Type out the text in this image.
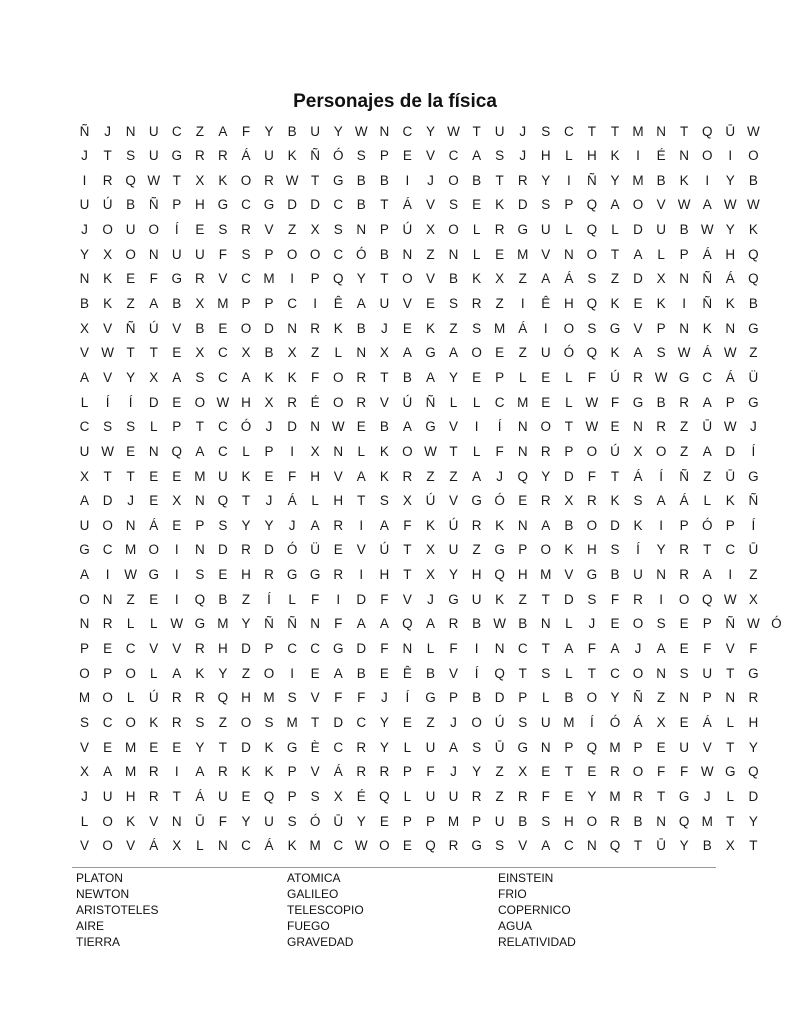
Personajes de la física
Ñ	J	N U C	Z	A	F	Y	B	U	Y W N C	Y W T	U	J	S	C	T	T M N	T	Q Ū W
J	T	S	U G R R	Á	U	K	Ñ Ó S	P	E	V	C	A	S	J	H	L	H	K	I	É	N O	I	O
I	R Q W T	X	K O R W T	G B	B	I	J	O B	T	R	Y	I	Ñ	Y M B	K	I	Y	B
U Ú	B	Ñ	P	H G C G D D C	B	T	Á	V	S	E	K	D	S	P Q A O V W A W W
J	O U O	Í	E	S	R	V	Z	X	S	N	P	Ú	X O	L	R G U	L	Q	L	D U	B W Y	K
Y	X O N U U	F	S	P O O C Ó B	N	Z	N	L	E M V	N O	T	A	L	P	Á	H Q
N	K	E	F	G R	V	C M	I	P Q Y	T	O V	B	K	X	Z	A	Á	S	Z	D	X	N Ñ	Á Q
B	K	Z	A	B	X M P	P	C	I	Ê	A	U	V	E	S	R	Z	I	Ê	H Q K	E	K	I	Ñ	K	B
X	V	Ñ Ú	V	B	E O D N R	K	B	J	E	K	Z	S M Á	I	O S G V	P	N	K	N G
V W T	T	E	X	C	X	B	X	Z	L	N	X	A G A O E	Z	U Ó Q K	A	S W Á W Z
A	V	Y	X	A	S	C	A	K	K	F	O R	T	B	A	Y	E	P	L	E	L	F	Ú R W G C	Á	Ü
L	Í	Í	D	E O W H	X	R	É O R	V	Ú Ñ	L	L	C M E	L W F	G B	R	A	P G
C	S	S	L	P	T	C Ó	J	D N W E	B	A G V	I	Í	N O	T W E	N R	Z	Ū W J
U W E	N Q A	C	L	P	I	X	N	L	K O W T	L	F	N R	P O Ú	X O	Z	A	D	Í
X	T	T	E	E M U	K	E	F	H	V	A	K	R	Z	Z	A	J	Q Y	D	F	T	Á	Í	Ñ	Z	Ū G
A	D	J	E	X	N Q	T	J	Á	L	H	T	S	X	Ú	V G Ó E	R	X	R	K	S	A	Á	L	K	Ñ
U O N	Á	E	P	S	Y	Y	J	A	R	I	A	F	K	Ú R	K	N	A	B O D	K	I	P Ó P	Í
G C M O	I	N D R D Ó Ü	E	V	Ú	T	X	U	Z	G P O K	H	S	Í	Y	R	T	C Ū
A	I	W G	I	S	E	H R G G R	I	H	T	X	Y	H Q H M V G B	U N R	A	I	Z
O N	Z	E	I	Q B	Z	Í	L	F	I	D	F	V	J	G U	K	Z	T	D	S	F	R	I	O Q W X
N R	L	L W G M Y	Ñ Ñ N	F	A	A Q A	R	B W B	N	L	J	E O S	E	P	Ñ W Ó
P	E	C	V	V	R H D	P	C C G D	F	N	L	F	I	N C	T	A	F	A	J	A	E	F	V	F
O P O	L	A	K	Y	Z	O	I	E	A	B	E	Ê	B	V	Í	Q	T	S	L	T	C O N	S	U	T	G
M O	L	Ú R R Q H M S	V	F	F	J	Í	G P	B	D	P	L	B O Y	Ñ	Z	N	P	N R
S	C O K	R	S	Z	O S M T	D C	Y	E	Z	J	O Ú	S	U M	Í	Ó Á	X	E	Á	L	H
V	E M E	E	Y	T	D	K G È	C R	Y	L	U	A	S	Ū G N	P Q M P	E	U	V	T	Y
X	A M R	I	A	R	K	K	P	V	Á	R R	P	F	J	Y	Z	X	E	T	E	R O	F	F W G Q
J	U H R	T	Á	U	E Q P	S	X	É Q	L	U U R	Z	R	F	E	Y M R	T	G	J	L	D
L	O K	V	N Ū	F	Y	U	S Ó Ū	Y	E	P	P M P	U	B	S	H O R	B	N Q M T	Y
V O V	Á	X	L	N C	Á	K M C W O E Q R G S	V	A	C N Q	T	Ū	Y	B	X	T
PLATON
NEWTON
ARISTOTELES
AIRE
TIERRA
ATOMICA
GALILEO
TELESCOPIO
FUEGO
GRAVEDAD
EINSTEIN
FRIO
COPERNICO
AGUA
RELATIVIDAD
